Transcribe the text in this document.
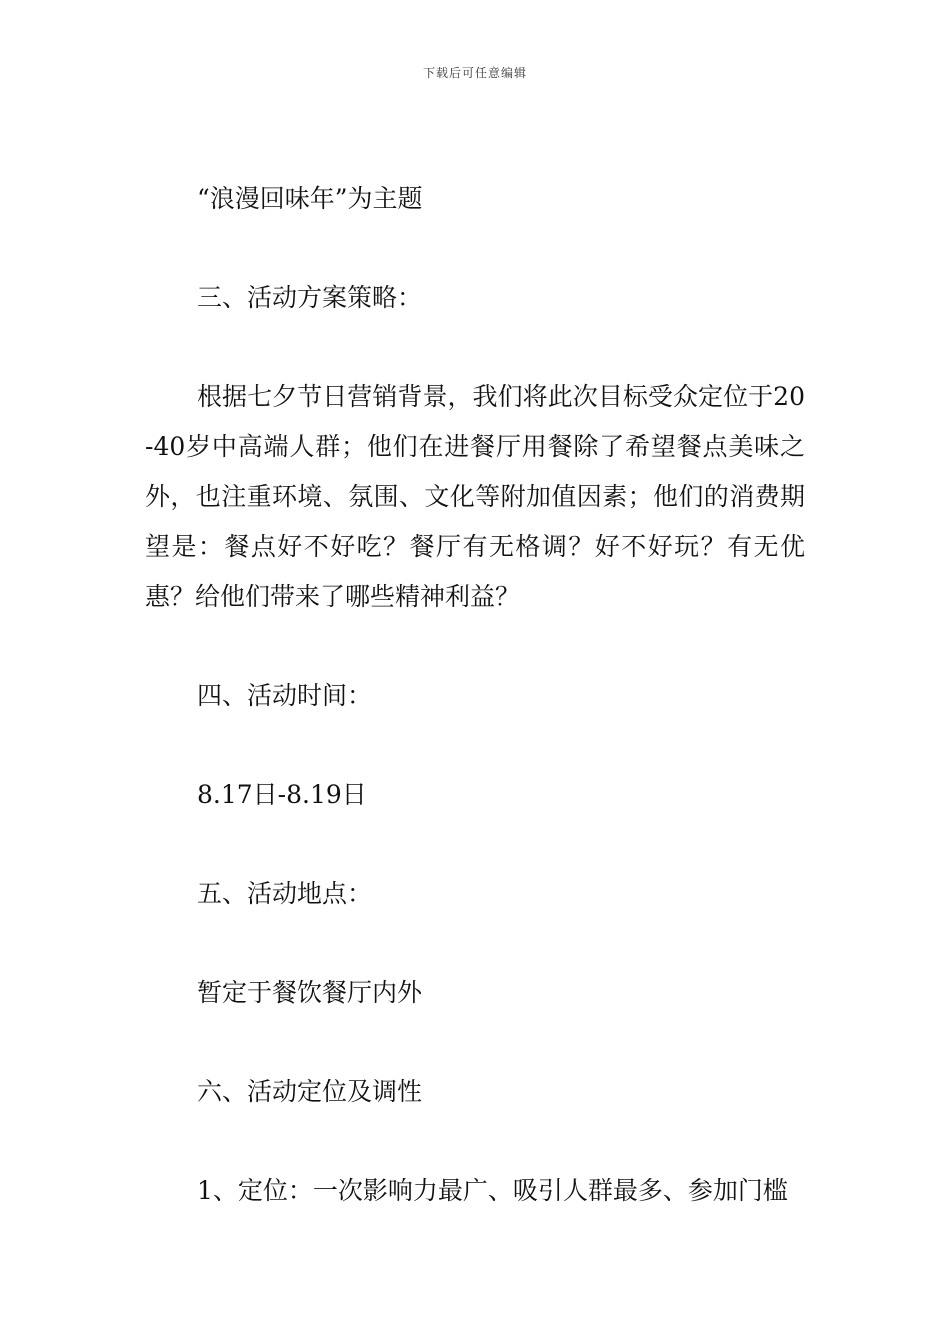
下载后可任意编辑

“浪漫回味年”为主题

三、活动方案策略：

根据七夕节日营销背景，我们将此次目标受众定位于20-40岁中高端人群；他们在进餐厅用餐除了希望餐点美味之外，也注重环境、氛围、文化等附加值因素；他们的消费期望是：餐点好不好吃？餐厅有无格调？好不好玩？有无优惠？给他们带来了哪些精神利益？

四、活动时间：

8.17日-8.19日

五、活动地点：

暂定于餐饮餐厅内外

六、活动定位及调性

1、定位：一次影响力最广、吸引人群最多、参加门槛
